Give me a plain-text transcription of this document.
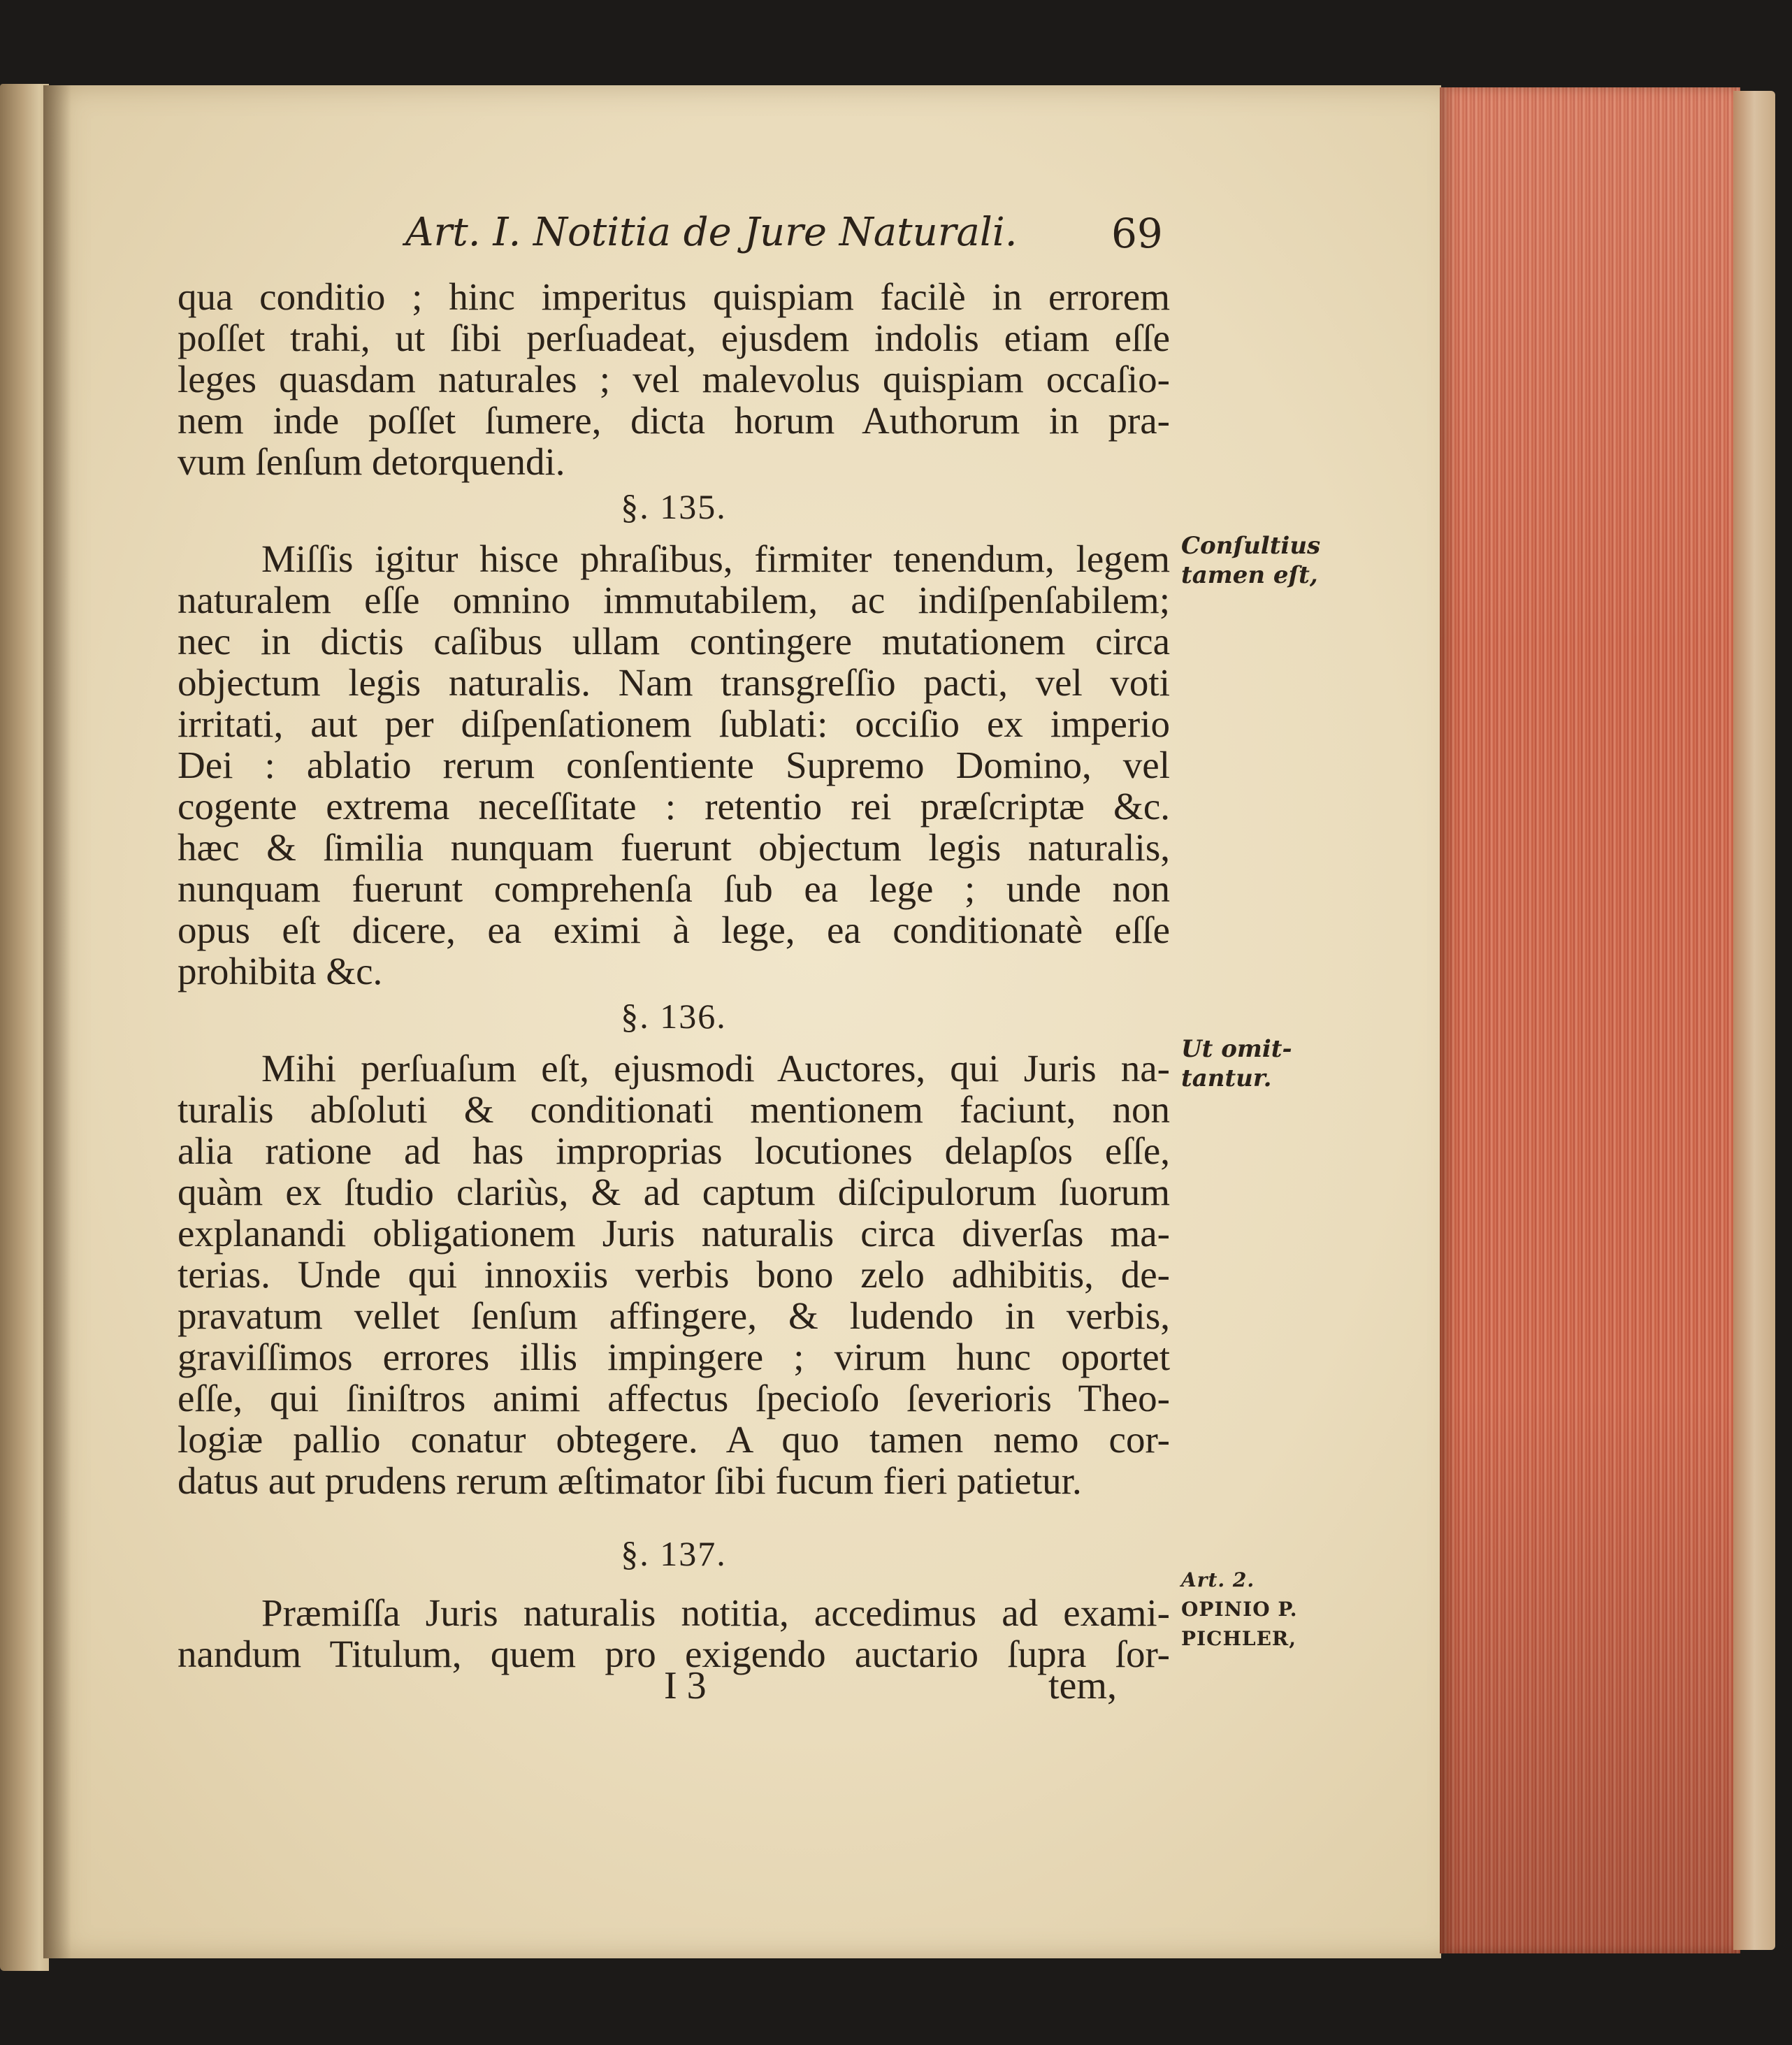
Art. I. Notitia de Jure Naturali. 69
qua conditio ; hinc imperitus quispiam facilè in errorem
poſſet trahi, ut ſibi perſuadeat, ejusdem indolis etiam eſſe
leges quasdam naturales ; vel malevolus quispiam occaſio-
nem inde poſſet ſumere, dicta horum Authorum in pra-
vum ſenſum detorquendi.
§. 135.
Miſſis igitur hisce phraſibus, firmiter tenendum, legem
naturalem eſſe omnino immutabilem, ac indiſpenſabilem;
nec in dictis caſibus ullam contingere mutationem circa
objectum legis naturalis. Nam transgreſſio pacti, vel voti
irritati, aut per diſpenſationem ſublati: occiſio ex imperio
Dei : ablatio rerum conſentiente Supremo Domino, vel
cogente extrema neceſſitate : retentio rei præſcriptæ &c.
hæc & ſimilia nunquam fuerunt objectum legis naturalis,
nunquam fuerunt comprehenſa ſub ea lege ; unde non
opus eſt dicere, ea eximi à lege, ea conditionatè eſſe
prohibita &c.
§. 136.
Mihi perſuaſum eſt, ejusmodi Auctores, qui Juris na-
turalis abſoluti & conditionati mentionem faciunt, non
alia ratione ad has improprias locutiones delapſos eſſe,
quàm ex ſtudio clariùs, & ad captum diſcipulorum ſuorum
explanandi obligationem Juris naturalis circa diverſas ma-
terias. Unde qui innoxiis verbis bono zelo adhibitis, de-
pravatum vellet ſenſum affingere, & ludendo in verbis,
graviſſimos errores illis impingere ; virum hunc oportet
eſſe, qui ſiniſtros animi affectus ſpecioſo ſeverioris Theo-
logiæ pallio conatur obtegere. A quo tamen nemo cor-
datus aut prudens rerum æſtimator ſibi fucum fieri patietur.
§. 137.
Præmiſſa Juris naturalis notitia, accedimus ad exami-
nandum Titulum, quem pro exigendo auctario ſupra ſor-
Conſultius
tamen eſt,
Ut omit-
tantur.
Art. 2.
OPINIO P.
PICHLER,
I 3	tem,
